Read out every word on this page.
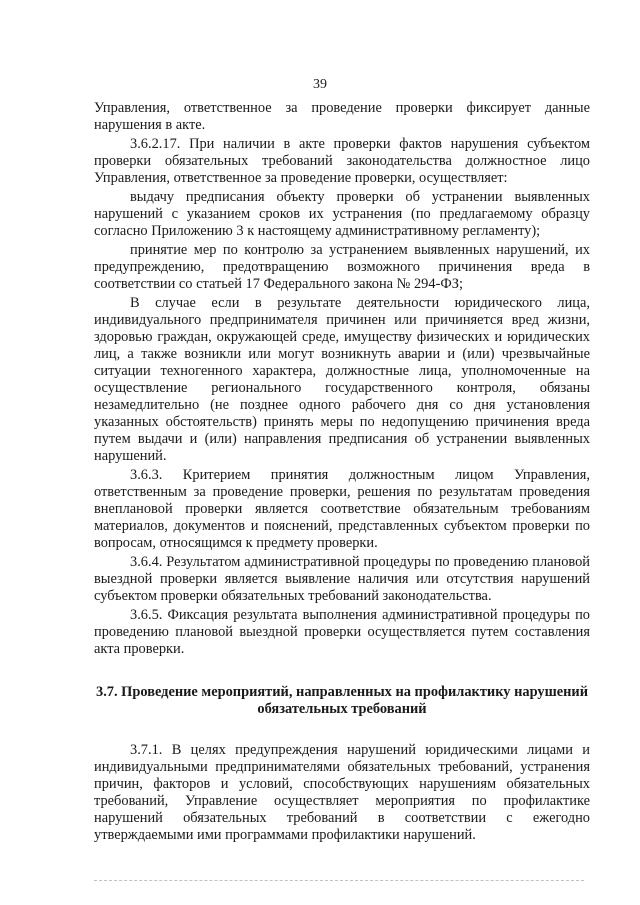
39

Управления, ответственное за проведение проверки фиксирует данные нарушения в акте.

3.6.2.17. При наличии в акте проверки фактов нарушения субъектом проверки обязательных требований законодательства должностное лицо Управления, ответственное за проведение проверки, осуществляет:

выдачу предписания объекту проверки об устранении выявленных нарушений с указанием сроков их устранения (по предлагаемому образцу согласно Приложению 3 к настоящему административному регламенту);

принятие мер по контролю за устранением выявленных нарушений, их предупреждению, предотвращению возможного причинения вреда в соответствии со статьей 17 Федерального закона № 294-ФЗ;

В случае если в результате деятельности юридического лица, индивидуального предпринимателя причинен или причиняется вред жизни, здоровью граждан, окружающей среде, имуществу физических и юридических лиц, а также возникли или могут возникнуть аварии и (или) чрезвычайные ситуации техногенного характера, должностные лица, уполномоченные на осуществление регионального государственного контроля, обязаны незамедлительно (не позднее одного рабочего дня со дня установления указанных обстоятельств) принять меры по недопущению причинения вреда путем выдачи и (или) направления предписания об устранении выявленных нарушений.

3.6.3. Критерием принятия должностным лицом Управления, ответственным за проведение проверки, решения по результатам проведения внеплановой проверки является соответствие обязательным требованиям материалов, документов и пояснений, представленных субъектом проверки по вопросам, относящимся к предмету проверки.

3.6.4. Результатом административной процедуры по проведению плановой выездной проверки является выявление наличия или отсутствия нарушений субъектом проверки обязательных требований законодательства.

3.6.5. Фиксация результата выполнения административной процедуры по проведению плановой выездной проверки осуществляется путем составления акта проверки.

3.7. Проведение мероприятий, направленных на профилактику нарушений обязательных требований

3.7.1. В целях предупреждения нарушений юридическими лицами и индивидуальными предпринимателями обязательных требований, устранения причин, факторов и условий, способствующих нарушениям обязательных требований, Управление осуществляет мероприятия по профилактике нарушений обязательных требований в соответствии с ежегодно утверждаемыми ими программами профилактики нарушений.
